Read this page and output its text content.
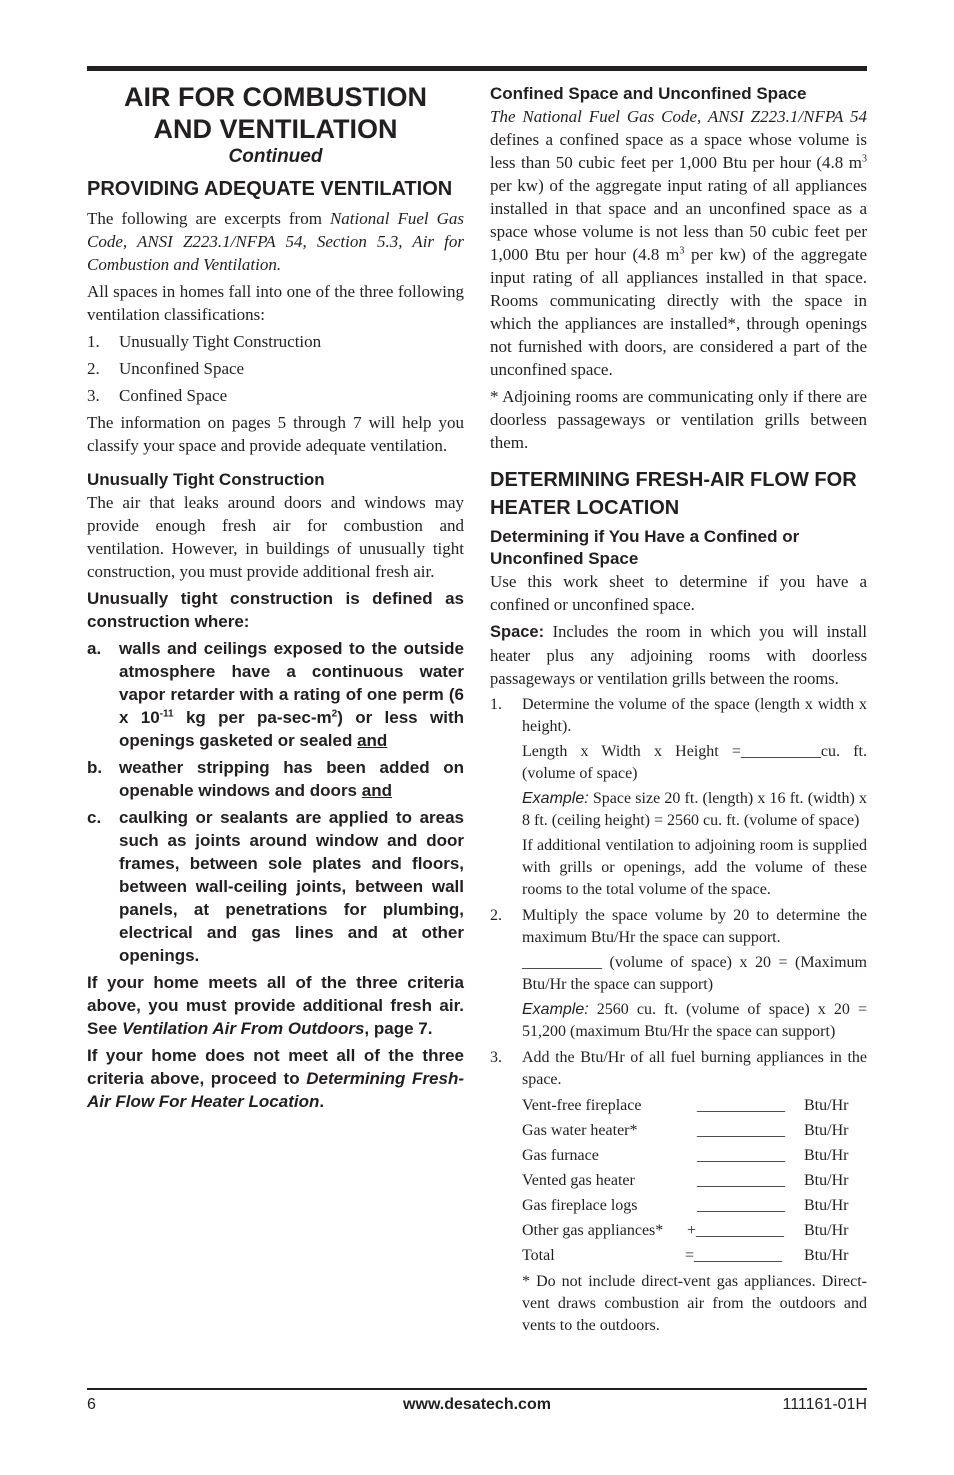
AIR FOR COMBUSTION
AND VENTILATION
Continued
PROVIDING ADEQUATE VENTILATION

The following are excerpts from National Fuel Gas Code, ANSI Z223.1/NFPA 54, Section 5.3, Air for Combustion and Ventilation.

All spaces in homes fall into one of the three following ventilation classifications:

1.	Unusually Tight Construction
2.	Unconfined Space
3.	Confined Space

The information on pages 5 through 7 will help you classify your space and provide adequate ventilation.

Unusually Tight Construction

The air that leaks around doors and windows may provide enough fresh air for combustion and ventilation. However, in buildings of unusually tight construction, you must provide additional fresh air.

Unusually tight construction is defined as construction where:

a.	walls and ceilings exposed to the outside atmosphere have a continuous water vapor retarder with a rating of one perm (6 x $10^{-11}$ kg per $pa-\sec-m^2$) or less with openings gasketed or sealed and
b. weather stripping has been added on openable windows and doors and
c.	caulking or sealants are applied to areas such as joints around window and door frames, between sole plates and floors, between wall-ceiling joints, between wall panels, at penetrations for plumbing, electrical and gas lines and at other openings.

If your home meets all of the three criteria above, you must provide additional fresh air. See Ventilation Air From Outdoors, page 7.

If your home does not meet all of the three criteria above, proceed to Determining Fresh-Air Flow For Heater Location.

Confined Space and Unconfined Space

The National Fuel Gas Code, ANSI Z223.1/NFPA 54 defines a confined space as a space whose volume is less than 50 cubic feet per 1,000 Btu per hour (4.8 $m^3$ per kw) of the aggregate input rating of all appliances installed in that space and an unconfined space as a space whose volume is not less than 50 cubic feet per 1,000 Btu per hour (4.8 $m^3$ per kw) of the aggregate input rating of all appliances installed in that space. Rooms communicating directly with the space in which the appliances are installed*, through openings not furnished with doors, are considered a part of the unconfined space.

* Adjoining rooms are communicating only if there are doorless passageways or ventilation grills between them.

DETERMINING FRESH-AIR FLOW FOR HEATER LOCATION
Determining if You Have a Confined or Unconfined Space

Use this work sheet to determine if you have a confined or unconfined space.

Space: Includes the room in which you will install heater plus any adjoining rooms with doorless passageways or ventilation grills between the rooms.

1.	Determine the volume of the space (length x width x height).
Length x Width x Height =__________cu. ft. (volume of space)
Example: Space size 20 ft. (length) x 16 ft. (width) x 8 ft. (ceiling height) = 2560 cu. ft. (volume of space)
If additional ventilation to adjoining room is supplied with grills or openings, add the volume of these rooms to the total volume of the space.
2.	Multiply the space volume by 20 to determine the maximum Btu/Hr the space can support.
__________ (volume of space) x 20 = (Maximum Btu/Hr the space can support)
Example: 2560 cu. ft. (volume of space) x 20 = 51,200 (maximum Btu/Hr the space can support)
3.	Add the Btu/Hr of all fuel burning appliances in the space.
Vent-free fireplace	___________	Btu/Hr
Gas water heater*	___________	Btu/Hr
Gas furnace	___________	Btu/Hr
Vented gas heater	___________	Btu/Hr
Gas fireplace logs	___________	Btu/Hr
Other gas appliances*	+___________	Btu/Hr
Total	=___________	Btu/Hr
* Do not include direct-vent gas appliances. Direct-vent draws combustion air from the outdoors and vents to the outdoors.
6	www.desatech.com	111161-01H
